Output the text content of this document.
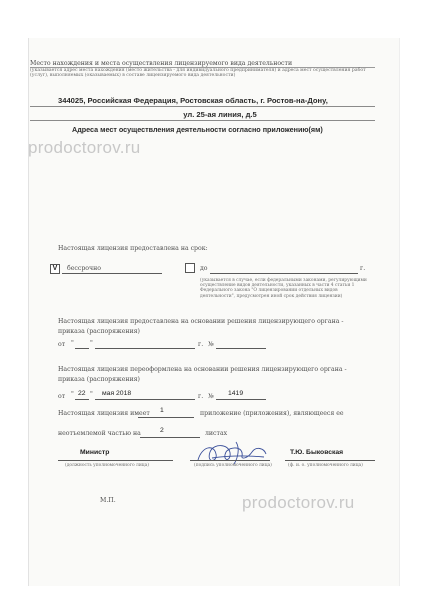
Место нахождения и места осуществления лицензируемого вида деятельности
(указывается адрес места нахождения (место жительства - для индивидуального предпринимателя) и адреса мест осуществления работ (услуг), выполняемых (оказываемых) в составе лицензируемого вида деятельности)
344025, Российская Федерация, Ростовская область, г. Ростов-на-Дону,
ул. 25-ая линия, д.5
Адреса мест осуществления деятельности согласно приложению(ям)
prodoctorov.ru
Настоящая лицензия предоставлена на срок:
V бессрочно	до	г.
(указывается в случае, если федеральными законами, регулирующими осуществление видов деятельности, указанных в части 4 статьи 1 Федерального закона "О лицензировании отдельных видов деятельности", предусмотрен иной срок действия лицензии)
Настоящая лицензия предоставлена на основании решения лицензирующего органа -
приказа (распоряжения)
от "	"	г. №
Настоящая лицензия переоформлена на основании решения лицензирующего органа -
приказа (распоряжения)
от " 22 " мая 2018	г. № 1419
Настоящая лицензия имеет 1	приложение (приложения), являющееся ее
неотъемлемой частью на	2	листах
Министр
(должность уполномоченного лица)	(подпись уполномоченного лица)
Т.Ю. Быковская
(ф. и. о. уполномоченного лица)
prodoctorov.ru
М.П.
